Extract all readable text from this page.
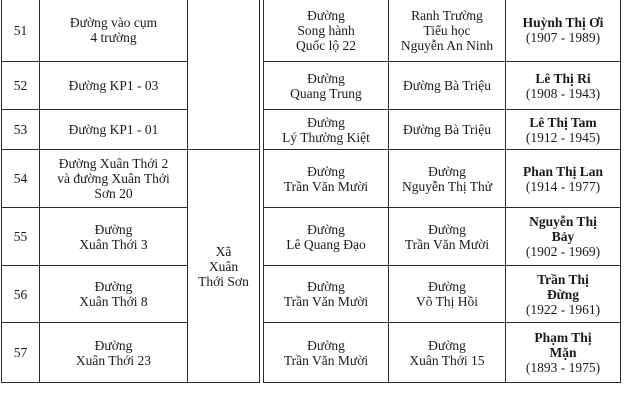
51	Đường vào cụm
4 trường			Đường
Song hành
Quốc lộ 22	Ranh Trường
Tiểu học
Nguyễn An Ninh	Huỳnh Thị Ơi
(1907 - 1989)

52	Đường KP1 - 03			Đường
Quang Trung	Đường Bà Triệu	Lê Thị Ri
(1908 - 1943)

53	Đường KP1 - 01			Đường
Lý Thường Kiệt	Đường Bà Triệu	Lê Thị Tam
(1912 - 1945)

54	Đường Xuân Thới 2
và đường Xuân Thới
Sơn 20	Xã
Xuân
Thới Sơn		Đường
Trần Văn Mười	Đường
Nguyễn Thị Thử	Phan Thị Lan
(1914 - 1977)

55	Đường
Xuân Thới 3			Đường
Lê Quang Đạo	Đường
Trần Văn Mười	Nguyễn Thị
Bảy
(1902 - 1969)

56	Đường
Xuân Thới 8			Đường
Trần Văn Mười	Đường
Võ Thị Hồi	Trần Thị
Đừng
(1922 - 1961)

57	Đường
Xuân Thới 23			Đường
Trần Văn Mười	Đường
Xuân Thới 15	Phạm Thị
Mặn
(1893 - 1975)
